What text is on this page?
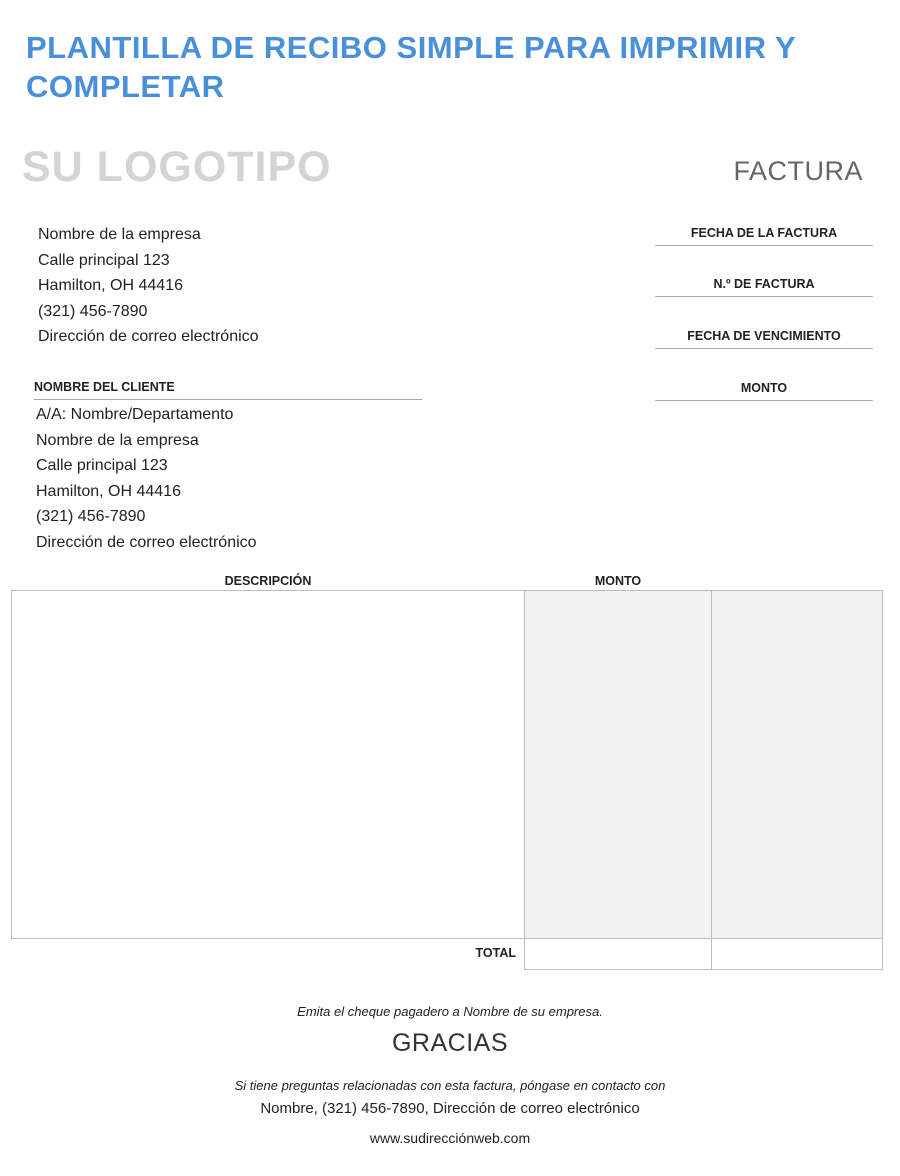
PLANTILLA DE RECIBO SIMPLE PARA IMPRIMIR Y COMPLETAR
SU LOGOTIPO	FACTURA
Nombre de la empresa
Calle principal 123
Hamilton, OH 44416
(321) 456-7890
Dirección de correo electrónico
FECHA DE LA FACTURA
N.º DE FACTURA
FECHA DE VENCIMIENTO
MONTO
NOMBRE DEL CLIENTE
A/A: Nombre/Departamento
Nombre de la empresa
Calle principal 123
Hamilton, OH 44416
(321) 456-7890
Dirección de correo electrónico
DESCRIPCIÓN	MONTO
TOTAL
Emita el cheque pagadero a Nombre de su empresa.
GRACIAS
Si tiene preguntas relacionadas con esta factura, póngase en contacto con
Nombre, (321) 456-7890, Dirección de correo electrónico
www.sudirecciónweb.com
